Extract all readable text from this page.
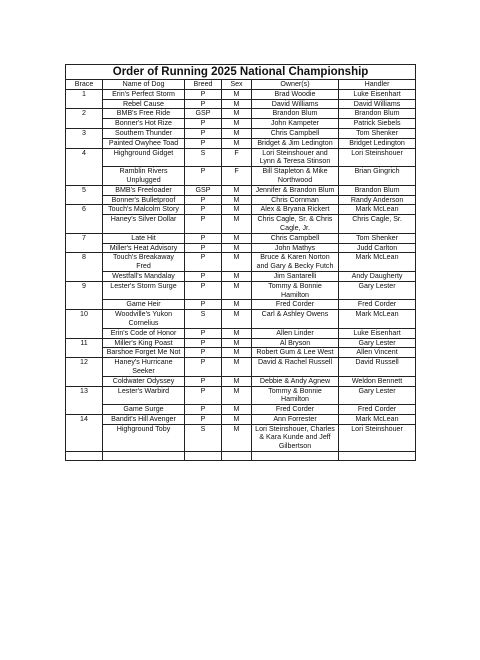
Order of Running 2025 National Championship					
Brace	Name of Dog	Breed	Sex	Owner(s)	Handler
1	Erin's Perfect Storm	P	M	Brad Woodie	Luke Eisenhart
	Rebel Cause	P	M	David Williams	David Williams
2	BMB's Free Ride	GSP	M	Brandon Blum	Brandon Blum
	Bonner's Hot Rize	P	M	John Kampeter	Patrick Siebels
3	Southern Thunder	P	M	Chris Campbell	Tom Shenker
	Painted Owyhee Toad	P	M	Bridget & Jim Ledington	Bridget Ledington
4	Highground Gidget	S	F	Lori Steinshouer and Lynn & Teresa Stinson	Lori Steinshouer
	Ramblin Rivers Unplugged	P	F	Bill Stapleton & Mike Northwood	Brian Gingrich
5	BMB's Freeloader	GSP	M	Jennifer & Brandon Blum	Brandon Blum
	Bonner's Bulletproof	P	M	Chris Cornman	Randy Anderson
6	Touch's Malcolm Story	P	M	Alex & Bryana Rickert	Mark McLean
	Haney's Silver Dollar	P	M	Chris Cagle, Sr. & Chris Cagle, Jr.	Chris Cagle, Sr.
7	Late Hit	P	M	Chris Campbell	Tom Shenker
	Miller's Heat Advisory	P	M	John Mathys	Judd Carlton
8	Touch's Breakaway Fred	P	M	Bruce & Karen Norton and Gary & Becky Futch	Mark McLean
	Westfall's Mandalay	P	M	Jim Santarelli	Andy Daugherty
9	Lester's Storm Surge	P	M	Tommy & Bonnie Hamilton	Gary Lester
	Game Heir	P	M	Fred Corder	Fred Corder
10	Woodville's Yukon Cornelius	S	M	Carl & Ashley Owens	Mark McLean
	Erin's Code of Honor	P	M	Allen Linder	Luke Eisenhart
11	Miller's King Poast	P	M	Al Bryson	Gary Lester
	Barshoe Forget Me Not	P	M	Robert Gum & Lee West	Allen Vincent
12	Haney's Hurricane Seeker	P	M	David & Rachel Russell	David Russell
	Coldwater Odyssey	P	M	Debbie & Andy Agnew	Weldon Bennett
13	Lester's Warbird	P	M	Tommy & Bonnie Hamilton	Gary Lester
	Game Surge	P	M	Fred Corder	Fred Corder
14	Bandit's Hill Avenger	P	M	Ann Forrester	Mark McLean
	Highground Toby	S	M	Lori Steinshouer, Charles & Kara Kunde and Jeff Gilbertson	Lori Steinshouer
